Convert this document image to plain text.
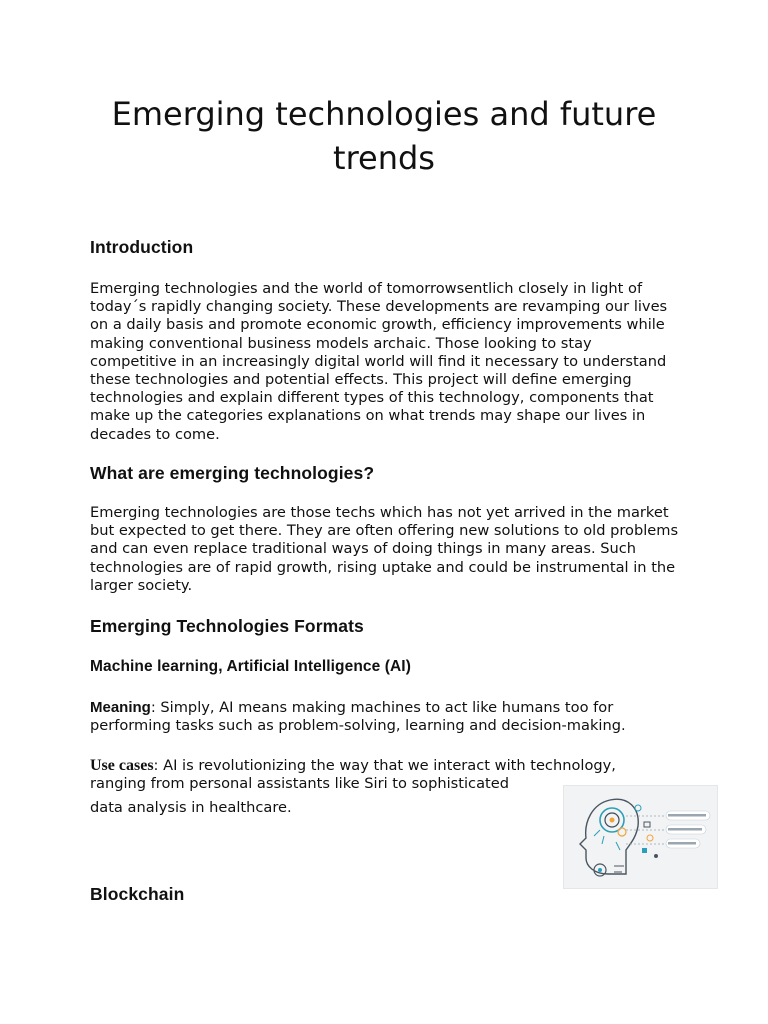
Emerging technologies and future trends
Introduction

Emerging technologies and the world of tomorrowsentlich closely in light of today´s rapidly changing society. These developments are revamping our lives on a daily basis and promote economic growth, efficiency improvements while making conventional business models archaic. Those looking to stay competitive in an increasingly digital world will find it necessary to understand these technologies and potential effects. This project will define emerging technologies and explain different types of this technology, components that make up the categories explanations on what trends may shape our lives in decades to come.

What are emerging technologies?

Emerging technologies are those techs which has not yet arrived in the market but expected to get there. They are often offering new solutions to old problems and can even replace traditional ways of doing things in many areas. Such technologies are of rapid growth, rising uptake and could be instrumental in the larger society.

Emerging Technologies Formats
Machine learning, Artificial Intelligence (AI)

Meaning: Simply, AI means making machines to act like humans too for performing tasks such as problem-solving, learning and decision-making.

Use cases: AI is revolutionizing the way that we interact with technology,
ranging from personal assistants like Siri to sophisticated

data analysis in healthcare.

Blockchain
